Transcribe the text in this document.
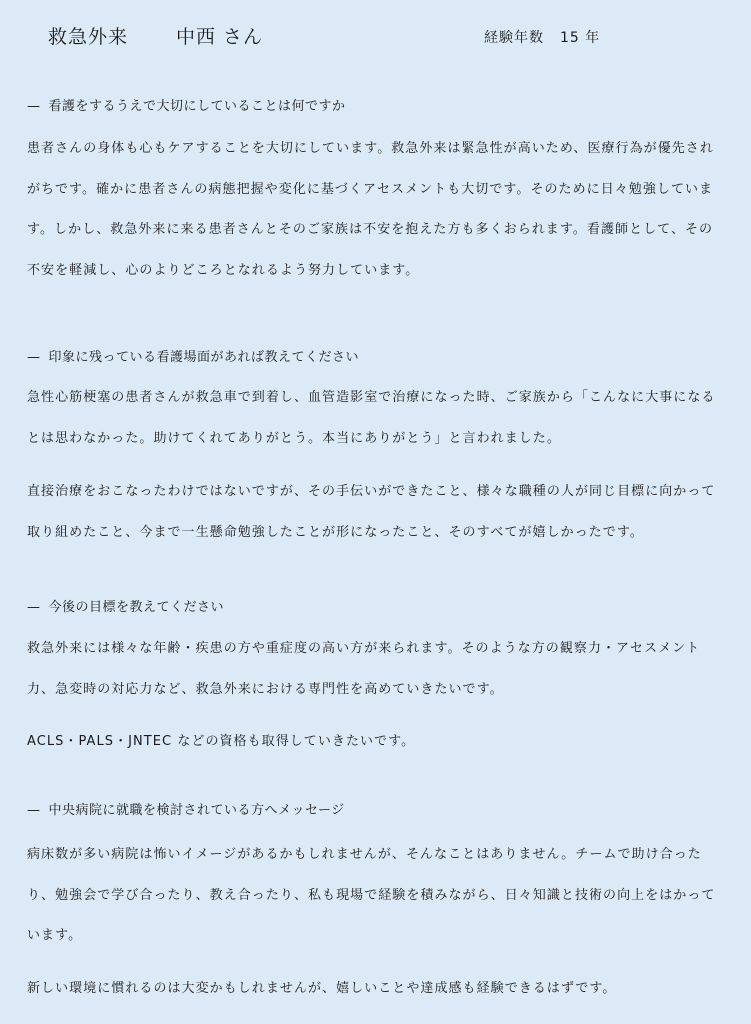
救急外来	中西 さん	経験年数 15 年
— 看護をするうえで大切にしていることは何ですか
患者さんの身体も心もケアすることを大切にしています。救急外来は緊急性が高いため、医療行為が優先されがちです。確かに患者さんの病態把握や変化に基づくアセスメントも大切です。そのために日々勉強しています。しかし、救急外来に来る患者さんとそのご家族は不安を抱えた方も多くおられます。看護師として、その不安を軽減し、心のよりどころとなれるよう努力しています。
— 印象に残っている看護場面があれば教えてください
急性心筋梗塞の患者さんが救急車で到着し、血管造影室で治療になった時、ご家族から「こんなに大事になるとは思わなかった。助けてくれてありがとう。本当にありがとう」と言われました。
直接治療をおこなったわけではないですが、その手伝いができたこと、様々な職種の人が同じ目標に向かって取り組めたこと、今まで一生懸命勉強したことが形になったこと、そのすべてが嬉しかったです。
— 今後の目標を教えてください
救急外来には様々な年齢・疾患の方や重症度の高い方が来られます。そのような方の観察力・アセスメント力、急変時の対応力など、救急外来における専門性を高めていきたいです。
ACLS・PALS・JNTEC などの資格も取得していきたいです。
— 中央病院に就職を検討されている方へメッセージ
病床数が多い病院は怖いイメージがあるかもしれませんが、そんなことはありません。チームで助け合ったり、勉強会で学び合ったり、教え合ったり、私も現場で経験を積みながら、日々知識と技術の向上をはかっています。
新しい環境に慣れるのは大変かもしれませんが、嬉しいことや達成感も経験できるはずです。
